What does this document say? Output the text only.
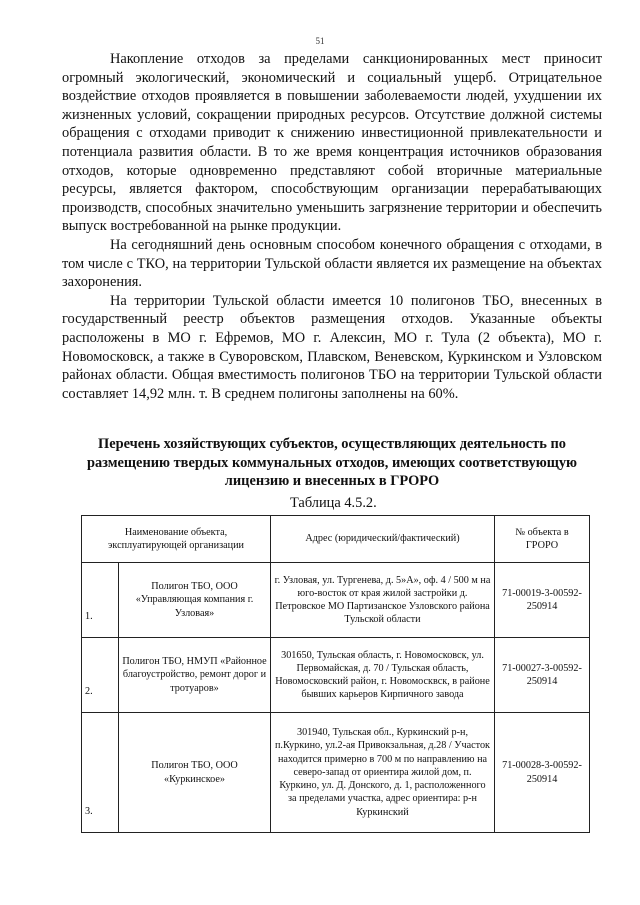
51

Накопление отходов за пределами санкционированных мест приносит огромный экологический, экономический и социальный ущерб. Отрицательное воздействие отходов проявляется в повышении заболеваемости людей, ухудшении их жизненных условий, сокращении природных ресурсов. Отсутствие должной системы обращения с отходами приводит к снижению инвестиционной привлекательности и потенциала развития области. В то же время концентрация источников образования отходов, которые одновременно представляют собой вторичные материальные ресурсы, является фактором, способствующим организации перерабатывающих производств, способных значительно уменьшить загрязнение территории и обеспечить выпуск востребованной на рынке продукции.

На сегодняшний день основным способом конечного обращения с отходами, в том числе с ТКО, на территории Тульской области является их размещение на объектах захоронения.

На территории Тульской области имеется 10 полигонов ТБО, внесенных в государственный реестр объектов размещения отходов. Указанные объекты расположены в МО г. Ефремов, МО г. Алексин, МО г. Тула (2 объекта), МО г. Новомосковск, а также в Суворовском, Плавском, Веневском, Куркинском и Узловском районах области. Общая вместимость полигонов ТБО на территории Тульской области составляет 14,92 млн. т. В среднем полигоны заполнены на 60%.

Перечень хозяйствующих субъектов, осуществляющих деятельность по размещению твердых коммунальных отходов, имеющих соответствующую лицензию и внесенных в ГРОРО
Таблица 4.5.2.
Наименование объекта, эксплуатирующей организации		Адрес (юридический/фактический)	№ объекта в ГРОРО
1.	Полигон ТБО, ООО «Управляющая компания г. Узловая»	г. Узловая, ул. Тургенева, д. 5»А», оф. 4 / 500 м на юго-восток от края жилой застройки д. Петровское МО Партизанское Узловского района Тульской области	71-00019-3-00592-250914
2.	Полигон ТБО, НМУП «Районное благоустройство, ремонт дорог и тротуаров»	301650, Тульская область, г. Новомосковск, ул. Первомайская, д. 70 / Тульская область, Новомосковский район, г. Новомосквск, в районе бывших карьеров Кирпичного завода	71-00027-3-00592-250914
3.	Полигон ТБО, ООО «Куркинское»	301940, Тульская обл., Куркинский р-н, п.Куркино, ул.2-ая Привокзальная, д.28 / Участок находится примерно в 700 м по направлению на северо-запад от ориентира жилой дом, п. Куркино, ул. Д. Донского, д. 1, расположенного за пределами участка, адрес ориентира: р-н Куркинский	71-00028-3-00592-250914
